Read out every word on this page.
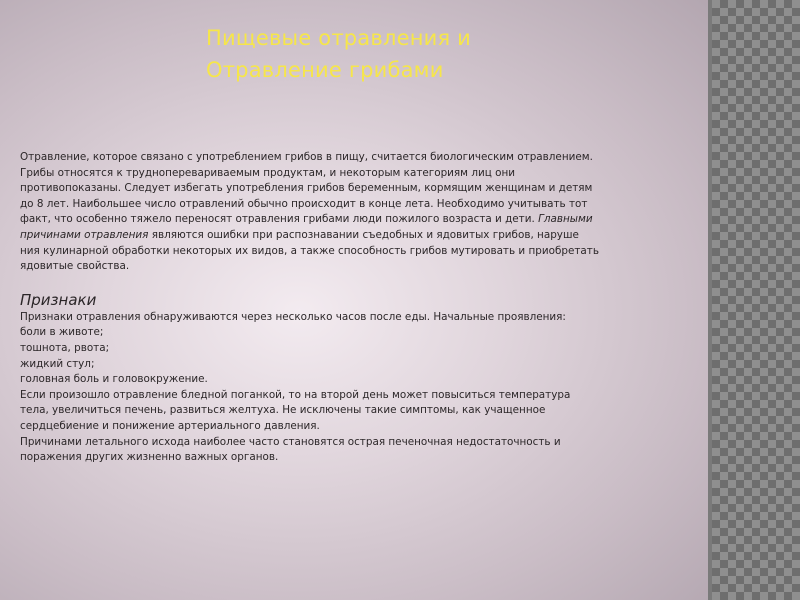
Пищевые отравления и
Отравление грибами

Отравление, которое связано с употреблением грибов в пищу, считается биологическим отравлением. Грибы относятся к трудноперевариваемым продуктам, и некоторым категориям лиц они противопоказаны. Следует избегать употребления грибов беременным, кормящим женщинам и детям до 8 лет. Наибольшее число отравлений обычно происходит в конце лета. Необходимо учитывать тот факт, что особенно тяжело переносят отравления грибами люди пожилого возраста и дети. Главными причинами отравления являются ошибки при распознавании съедобных и ядовитых грибов, наруше ния кулинарной обработки некоторых их видов, а также способность грибов мутировать и приобретать ядовитые свойства.

Признаки
Признаки отравления обнаруживаются через несколько часов после еды. Начальные проявления:
боли в животе;
тошнота, рвота;
жидкий стул;
головная боль и головокружение.
Если произошло отравление бледной поганкой, то на второй день может повыситься температура тела, увеличиться печень, развиться желтуха. Не исключены такие симптомы, как учащенное сердцебиение и понижение артериального давления.
Причинами летального исхода наиболее часто становятся острая печеночная недостаточность и поражения других жизненно важных органов.
